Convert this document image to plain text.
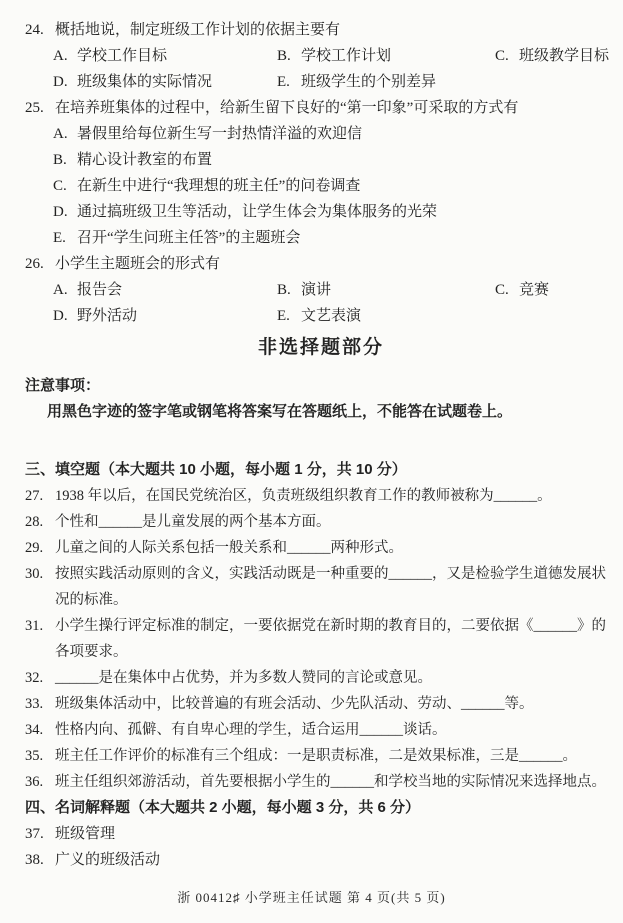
24. 概括地说，制定班级工作计划的依据主要有
A. 学校工作目标	B. 学校工作计划	C. 班级教学目标
D. 班级集体的实际情况	E. 班级学生的个别差异
25. 在培养班集体的过程中，给新生留下良好的“第一印象”可采取的方式有
A. 暑假里给每位新生写一封热情洋溢的欢迎信
B. 精心设计教室的布置
C. 在新生中进行“我理想的班主任”的问卷调查
D. 通过搞班级卫生等活动，让学生体会为集体服务的光荣
E. 召开“学生问班主任答”的主题班会
26. 小学生主题班会的形式有
A. 报告会	B. 演讲	C. 竞赛
D. 野外活动	E. 文艺表演
非选择题部分
注意事项：
用黑色字迹的签字笔或钢笔将答案写在答题纸上，不能答在试题卷上。
三、填空题（本大题共 10 小题，每小题 1 分，共 10 分）
27. 1938 年以后，在国民党统治区，负责班级组织教育工作的教师被称为______。
28. 个性和______是儿童发展的两个基本方面。
29. 儿童之间的人际关系包括一般关系和______两种形式。
30. 按照实践活动原则的含义，实践活动既是一种重要的______，又是检验学生道德发展状况的标准。
31. 小学生操行评定标准的制定，一要依据党在新时期的教育目的，二要依据《______》的各项要求。
32. ______是在集体中占优势，并为多数人赞同的言论或意见。
33. 班级集体活动中，比较普遍的有班会活动、少先队活动、劳动、______等。
34. 性格内向、孤僻、有自卑心理的学生，适合运用______谈话。
35. 班主任工作评价的标准有三个组成：一是职责标准，二是效果标准，三是______。
36. 班主任组织郊游活动，首先要根据小学生的______和学校当地的实际情况来选择地点。
四、名词解释题（本大题共 2 小题，每小题 3 分，共 6 分）
37. 班级管理
38. 广义的班级活动
浙 00412♯ 小学班主任试题 第 4 页(共 5 页)
